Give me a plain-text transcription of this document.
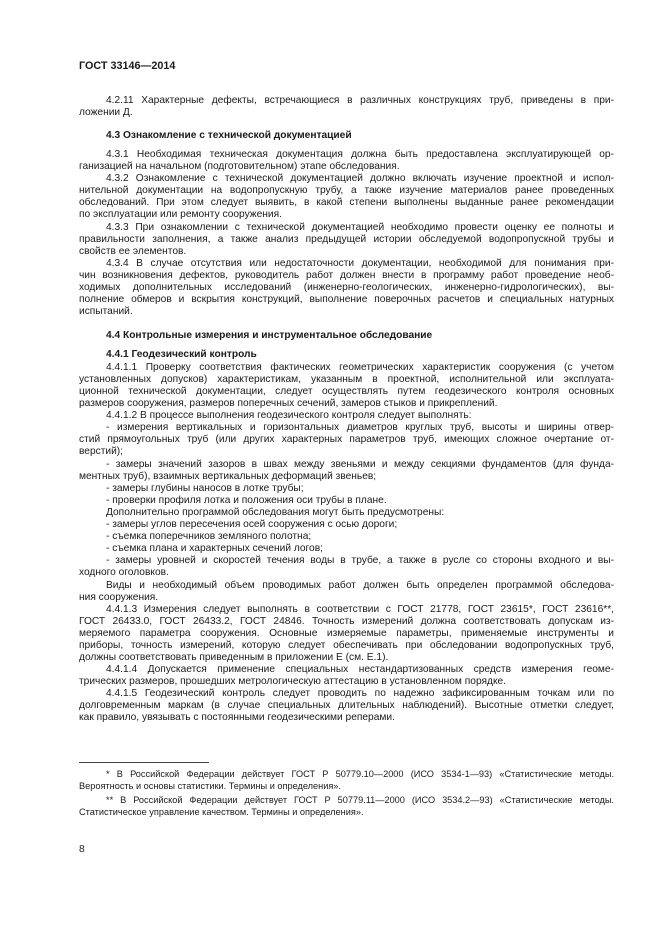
ГОСТ 33146—2014
4.2.11 Характерные дефекты, встречающиеся в различных конструкциях труб, приведены в при-
ложении Д.
4.3 Ознакомление с технической документацией
4.3.1 Необходимая техническая документация должна быть предоставлена эксплуатирующей ор-
ганизацией на начальном (подготовительном) этапе обследования.
4.3.2 Ознакомление с технической документацией должно включать изучение проектной и испол-
нительной документации на водопропускную трубу, а также изучение материалов ранее проведенных
обследований. При этом следует выявить, в какой степени выполнены выданные ранее рекомендации
по эксплуатации или ремонту сооружения.
4.3.3 При ознакомлении с технической документацией необходимо провести оценку ее полноты и
правильности заполнения, а также анализ предыдущей истории обследуемой водопропускной трубы и
свойств ее элементов.
4.3.4 В случае отсутствия или недостаточности документации, необходимой для понимания при-
чин возникновения дефектов, руководитель работ должен внести в программу работ проведение необ-
ходимых дополнительных исследований (инженерно-геологических, инженерно-гидрологических), вы-
полнение обмеров и вскрытия конструкций, выполнение поверочных расчетов и специальных натурных
испытаний.
4.4 Контрольные измерения и инструментальное обследование
4.4.1 Геодезический контроль
4.4.1.1 Проверку соответствия фактических геометрических характеристик сооружения (с учетом
установленных допусков) характеристикам, указанным в проектной, исполнительной или эксплуата-
ционной технической документации, следует осуществлять путем геодезического контроля основных
размеров сооружения, размеров поперечных сечений, замеров стыков и прикреплений.
4.4.1.2 В процессе выполнения геодезического контроля следует выполнять:
- измерения вертикальных и горизонтальных диаметров круглых труб, высоты и ширины отвер-
стий прямоугольных труб (или других характерных параметров труб, имеющих сложное очертание от-
верстий);
- замеры значений зазоров в швах между звеньями и между секциями фундаментов (для фунда-
ментных труб), взаимных вертикальных деформаций звеньев;
- замеры глубины наносов в лотке трубы;
- проверки профиля лотка и положения оси трубы в плане.
Дополнительно программой обследования могут быть предусмотрены:
- замеры углов пересечения осей сооружения с осью дороги;
- съемка поперечников земляного полотна;
- съемка плана и характерных сечений логов;
- замеры уровней и скоростей течения воды в трубе, а также в русле со стороны входного и вы-
ходного оголовков.
Виды и необходимый объем проводимых работ должен быть определен программой обследова-
ния сооружения.
4.4.1.3 Измерения следует выполнять в соответствии с ГОСТ 21778, ГОСТ 23615*, ГОСТ 23616**,
ГОСТ 26433.0, ГОСТ 26433.2, ГОСТ 24846. Точность измерений должна соответствовать допускам из-
меряемого параметра сооружения. Основные измеряемые параметры, применяемые инструменты и
приборы, точность измерений, которую следует обеспечивать при обследовании водопропускных труб,
должны соответствовать приведенным в приложении Е (см. Е.1).
4.4.1.4 Допускается применение специальных нестандартизованных средств измерения геоме-
трических размеров, прошедших метрологическую аттестацию в установленном порядке.
4.4.1.5 Геодезический контроль следует проводить по надежно зафиксированным точкам или по
долговременным маркам (в случае специальных длительных наблюдений). Высотные отметки следует,
как правило, увязывать с постоянными геодезическими реперами.
* В Российской Федерации действует ГОСТ Р 50779.10—2000 (ИСО 3534-1—93) «Статистические методы.
Вероятность и основы статистики. Термины и определения».
** В Российской Федерации действует ГОСТ Р 50779.11—2000 (ИСО 3534.2—93) «Статистические методы.
Статистическое управление качеством. Термины и определения».
8
